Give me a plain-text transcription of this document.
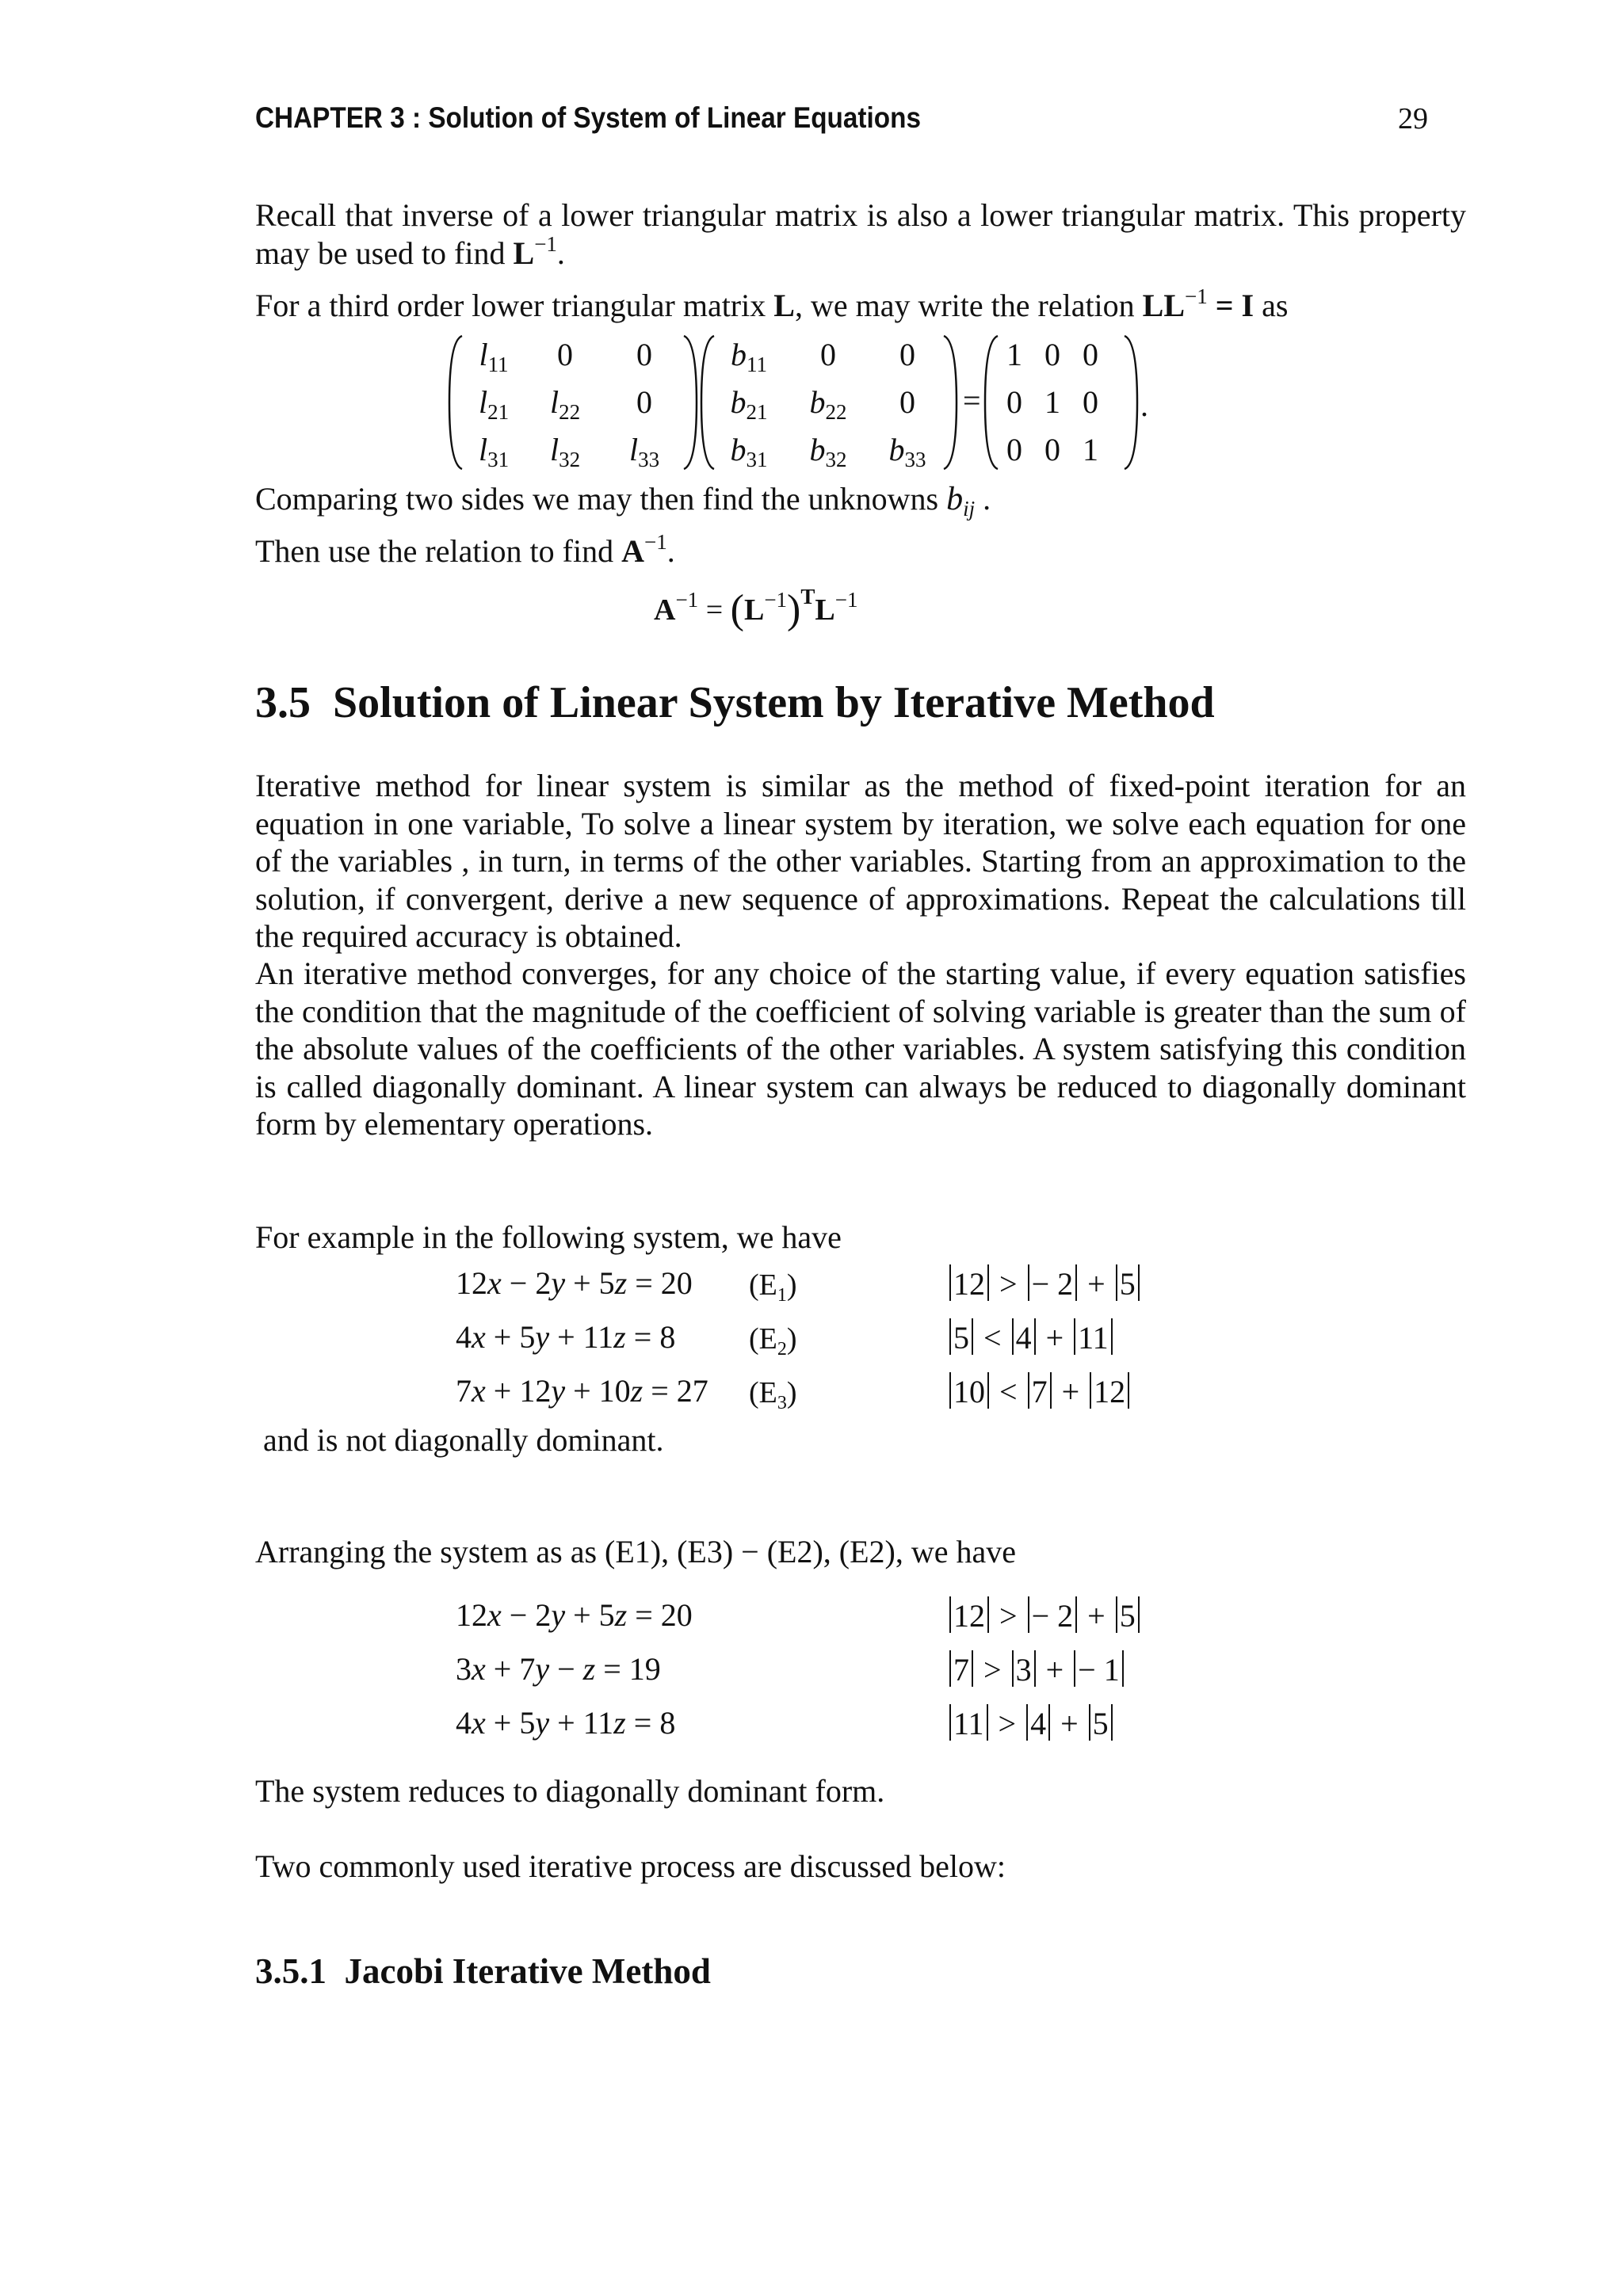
CHAPTER 3 : Solution of System of Linear Equations	29
Recall that inverse of a lower triangular matrix is also a lower triangular matrix. This property may be used to find $L^{-1}$.
For a third order lower triangular matrix L, we may write the relation $LL^{-1} = I$ as
$l_{11}$	0	0
$l_{21}$	$l_{22}$	0
$l_{31}$	$l_{32}$	$l_{33}$
$b_{11}$	0	0
$b_{21}$	$b_{22}$	0
$b_{31}$	$b_{32}$	$b_{33}$
=
1 0 0
0 1 0
0 0 1
.
Comparing two sides we may then find the unknowns $b_{ij}$ .
Then use the relation to find $A^{-1}$.
$A^{-1} = (L^{-1})^TL^{-1}$
3.5 Solution of Linear System by Iterative Method
Iterative method for linear system is similar as the method of fixed-point iteration for an equation in one variable, To solve a linear system by iteration, we solve each equation for one of the variables , in turn, in terms of the other variables. Starting from an approximation to the solution, if convergent, derive a new sequence of approximations. Repeat the calculations till the required accuracy is obtained.
An iterative method converges, for any choice of the starting value, if every equation satisfies the condition that the magnitude of the coefficient of solving variable is greater than the sum of the absolute values of the coefficients of the other variables. A system satisfying this condition is called diagonally dominant. A linear system can always be reduced to diagonally dominant form by elementary operations.
For example in the following system, we have
12x − 2y + 5z = 20 $(E_1)$	12 > − 2 + 5
4x + 5y + 11z = 8 $(E_2)$	5 < 4 + 11
7x + 12y + 10z = 27 $(E_3)$	10 < 7 + 12
and is not diagonally dominant.
Arranging the system as as (E1), (E3) − (E2), (E2), we have
12x − 2y + 5z = 20	12 > − 2 + 5
3x + 7y − z = 19	7 > 3 + − 1
4x + 5y + 11z = 8	11 > 4 + 5
The system reduces to diagonally dominant form.
Two commonly used iterative process are discussed below:
3.5.1 Jacobi Iterative Method
